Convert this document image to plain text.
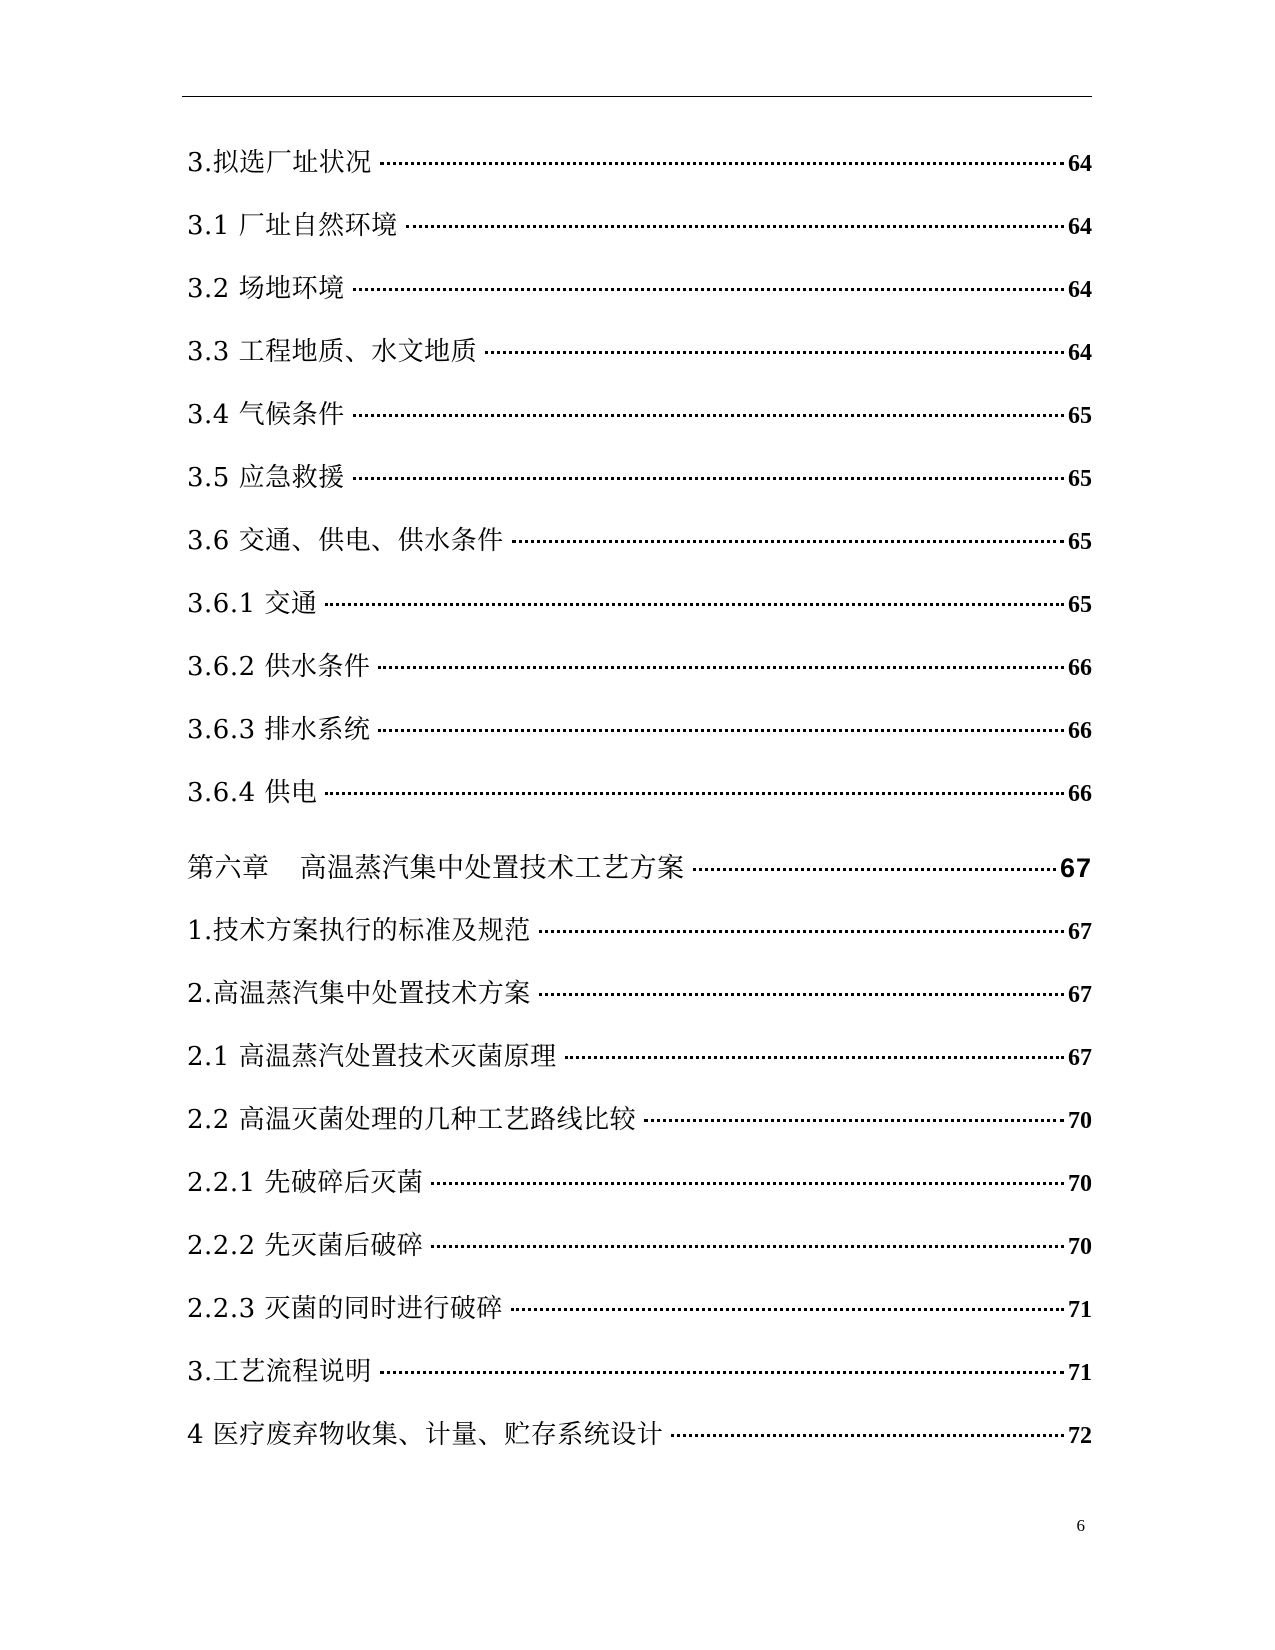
3.拟选厂址状况	64
3.1 厂址自然环境	64
3.2 场地环境	64
3.3 工程地质、水文地质	64
3.4 气候条件	65
3.5 应急救援	65
3.6 交通、供电、供水条件	65
3.6.1 交通	65
3.6.2 供水条件	66
3.6.3 排水系统	66
3.6.4 供电	66
第六章 高温蒸汽集中处置技术工艺方案	67
1.技术方案执行的标准及规范	67
2.高温蒸汽集中处置技术方案	67
2.1 高温蒸汽处置技术灭菌原理	67
2.2 高温灭菌处理的几种工艺路线比较	70
2.2.1 先破碎后灭菌	70
2.2.2 先灭菌后破碎	70
2.2.3 灭菌的同时进行破碎	71
3.工艺流程说明	71
4 医疗废弃物收集、计量、贮存系统设计	72
6
